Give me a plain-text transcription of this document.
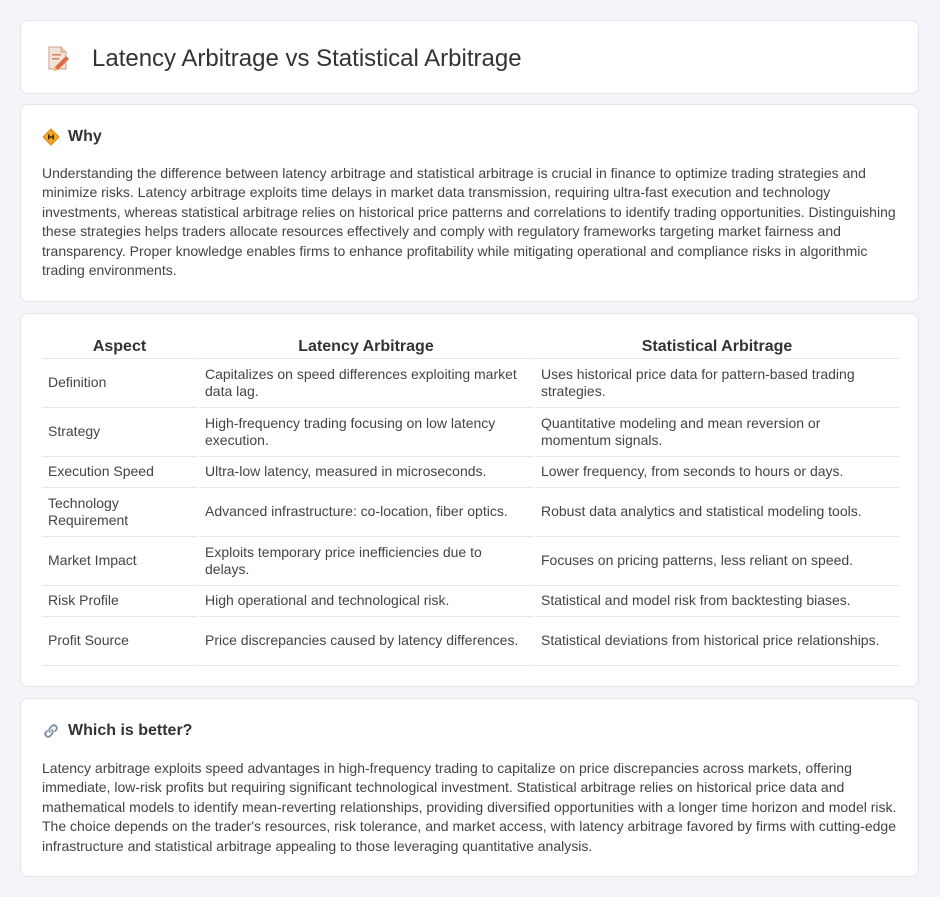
Latency Arbitrage vs Statistical Arbitrage
Why

Understanding the difference between latency arbitrage and statistical arbitrage is crucial in finance to optimize trading strategies and minimize risks. Latency arbitrage exploits time delays in market data transmission, requiring ultra-fast execution and technology investments, whereas statistical arbitrage relies on historical price patterns and correlations to identify trading opportunities. Distinguishing these strategies helps traders allocate resources effectively and comply with regulatory frameworks targeting market fairness and transparency. Proper knowledge enables firms to enhance profitability while mitigating operational and compliance risks in algorithmic trading environments.

Aspect		Latency Arbitrage		Statistical Arbitrage
Definition		Capitalizes on speed differences exploiting market data lag.		Uses historical price data for pattern-based trading strategies.
Strategy		High-frequency trading focusing on low latency execution.		Quantitative modeling and mean reversion or momentum signals.
Execution Speed		Ultra-low latency, measured in microseconds.		Lower frequency, from seconds to hours or days.
Technology Requirement		Advanced infrastructure: co-location, fiber optics.		Robust data analytics and statistical modeling tools.
Market Impact		Exploits temporary price inefficiencies due to delays.		Focuses on pricing patterns, less reliant on speed.
Risk Profile		High operational and technological risk.		Statistical and model risk from backtesting biases.
Profit Source		Price discrepancies caused by latency differences.		Statistical deviations from historical price relationships.
Which is better?

Latency arbitrage exploits speed advantages in high-frequency trading to capitalize on price discrepancies across markets, offering immediate, low-risk profits but requiring significant technological investment. Statistical arbitrage relies on historical price data and mathematical models to identify mean-reverting relationships, providing diversified opportunities with a longer time horizon and model risk. The choice depends on the trader's resources, risk tolerance, and market access, with latency arbitrage favored by firms with cutting-edge infrastructure and statistical arbitrage appealing to those leveraging quantitative analysis.
